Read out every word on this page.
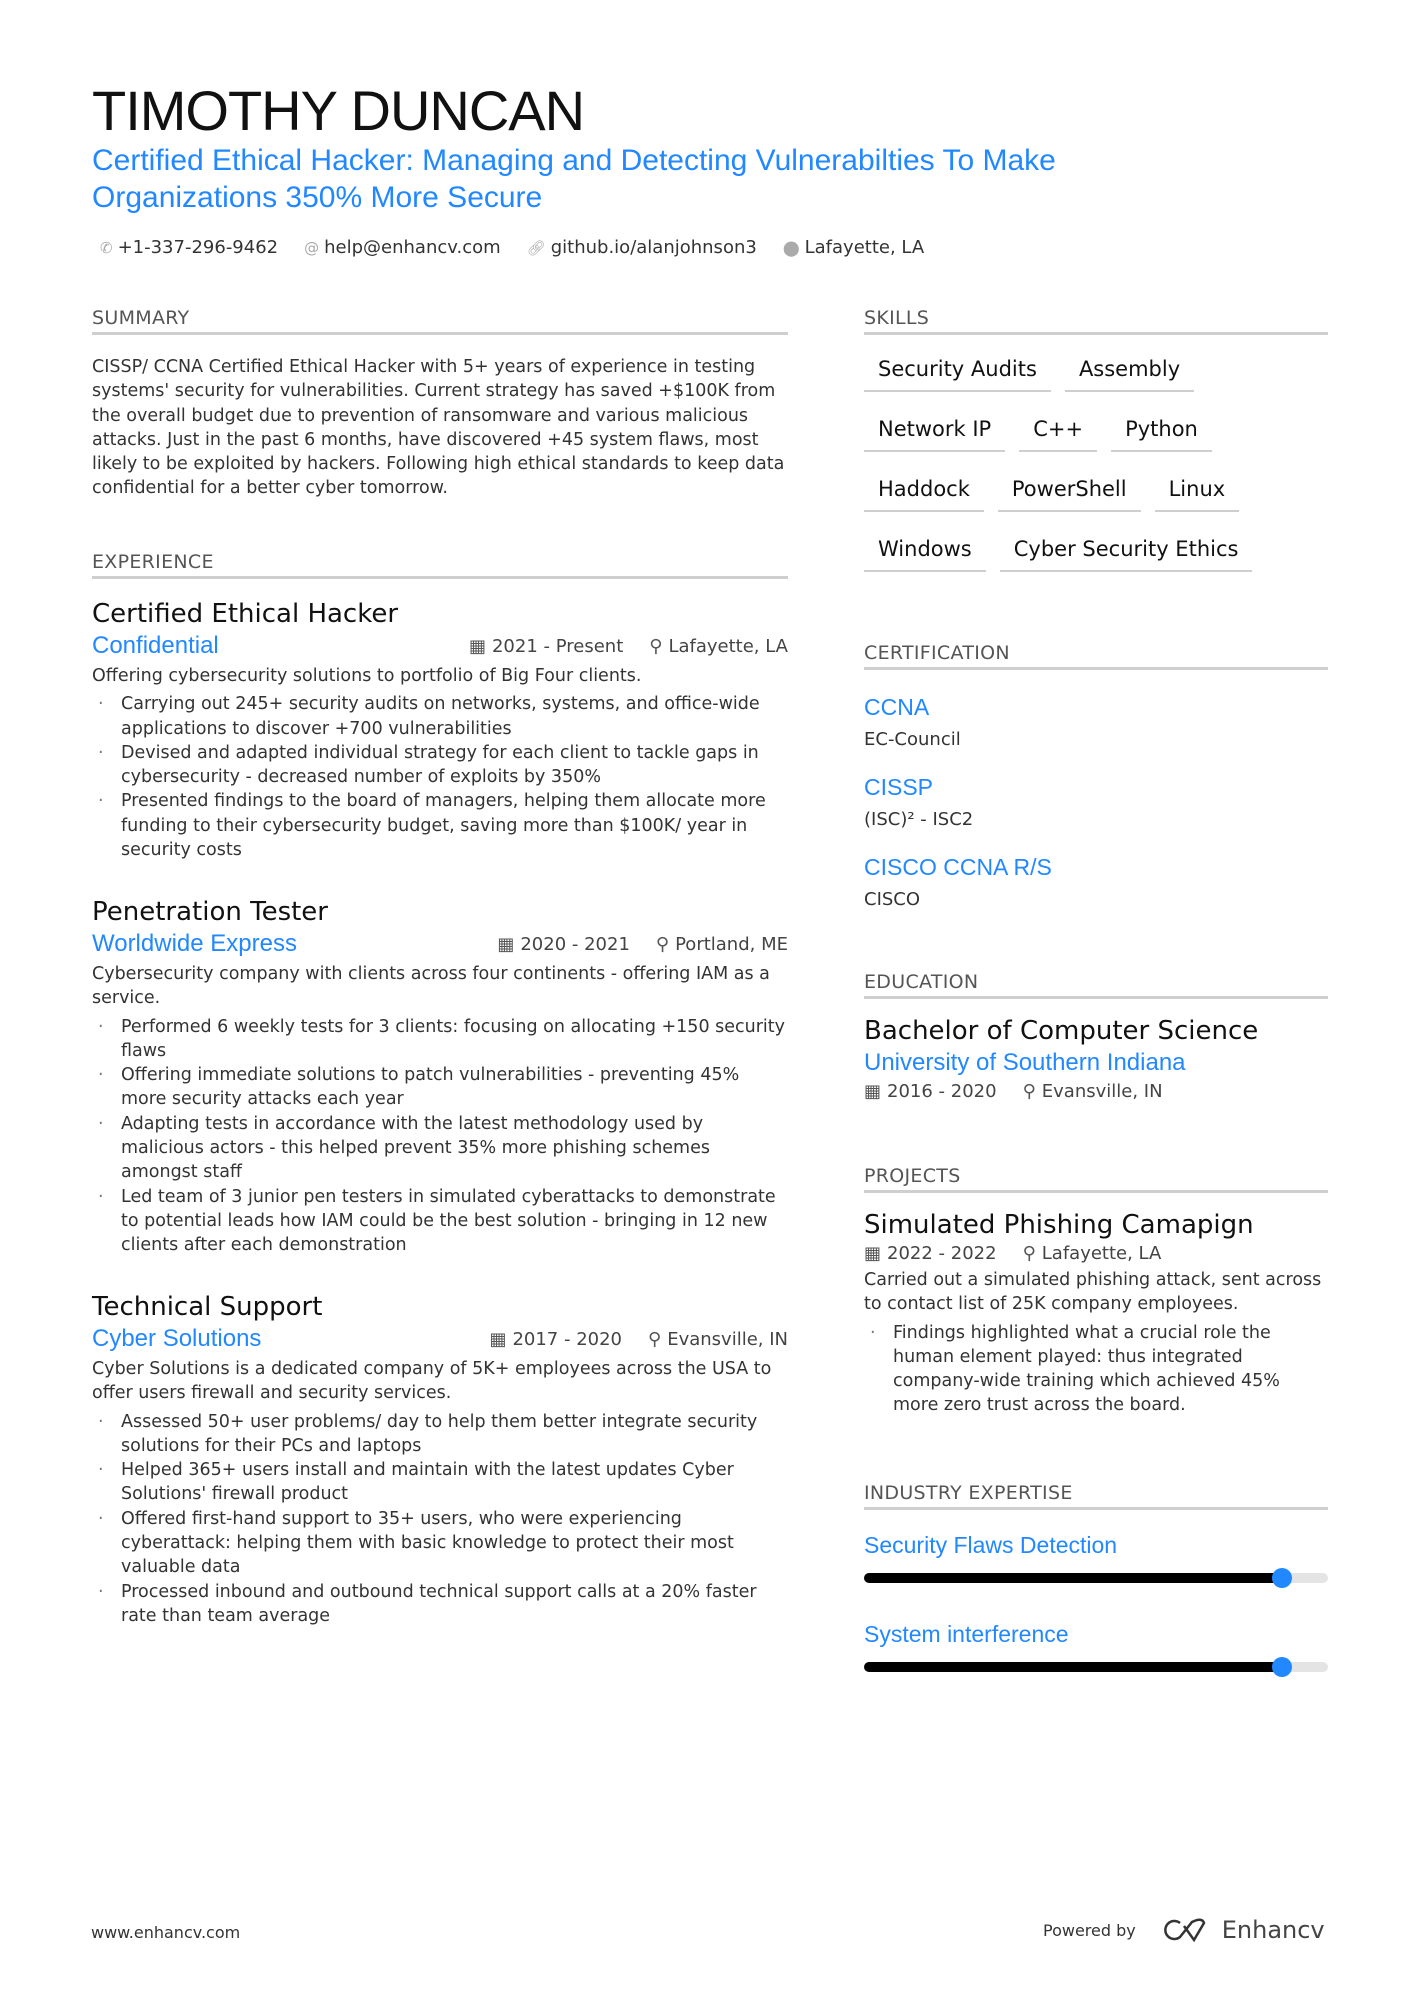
TIMOTHY DUNCAN
Certified Ethical Hacker: Managing and Detecting Vulnerabilties To Make Organizations 350% More Secure
✆ +1-337-296-9462 @ help@enhancv.com 🔗︎ github.io/alanjohnson3 ⬤ Lafayette, LA
SUMMARY
CISSP/ CCNA Certified Ethical Hacker with 5+ years of experience in testing systems' security for vulnerabilities. Current strategy has saved +$100K from the overall budget due to prevention of ransomware and various malicious attacks. Just in the past 6 months, have discovered +45 system flaws, most likely to be exploited by hackers. Following high ethical standards to keep data confidential for a better cyber tomorrow.
EXPERIENCE
Certified Ethical Hacker
Confidential	▦ 2021 - Present ⚲ Lafayette, LA
Offering cybersecurity solutions to portfolio of Big Four clients.
· Carrying out 245+ security audits on networks, systems, and office-wide applications to discover +700 vulnerabilities
· Devised and adapted individual strategy for each client to tackle gaps in cybersecurity - decreased number of exploits by 350%
· Presented findings to the board of managers, helping them allocate more funding to their cybersecurity budget, saving more than $100K/ year in security costs
Penetration Tester
Worldwide Express	▦ 2020 - 2021 ⚲ Portland, ME
Cybersecurity company with clients across four continents - offering IAM as a service.
· Performed 6 weekly tests for 3 clients: focusing on allocating +150 security flaws
· Offering immediate solutions to patch vulnerabilities - preventing 45% more security attacks each year
· Adapting tests in accordance with the latest methodology used by malicious actors - this helped prevent 35% more phishing schemes amongst staff
· Led team of 3 junior pen testers in simulated cyberattacks to demonstrate to potential leads how IAM could be the best solution - bringing in 12 new clients after each demonstration
Technical Support
Cyber Solutions	▦ 2017 - 2020 ⚲ Evansville, IN
Cyber Solutions is a dedicated company of 5K+ employees across the USA to offer users firewall and security services.
· Assessed 50+ user problems/ day to help them better integrate security solutions for their PCs and laptops
· Helped 365+ users install and maintain with the latest updates Cyber Solutions' firewall product
· Offered first-hand support to 35+ users, who were experiencing cyberattack: helping them with basic knowledge to protect their most valuable data
· Processed inbound and outbound technical support calls at a 20% faster rate than team average
SKILLS
Security Audits	Assembly
Network IP	C++	Python
Haddock	PowerShell	Linux
Windows	Cyber Security Ethics
CERTIFICATION
CCNA
EC-Council
CISSP
(ISC)² - ISC2
CISCO CCNA R/S
CISCO
EDUCATION
Bachelor of Computer Science
University of Southern Indiana
▦ 2016 - 2020 ⚲ Evansville, IN
PROJECTS
Simulated Phishing Camapign
▦ 2022 - 2022 ⚲ Lafayette, LA
Carried out a simulated phishing attack, sent across to contact list of 25K company employees.
· Findings highlighted what a crucial role the human element played: thus integrated company-wide training which achieved 45% more zero trust across the board.
INDUSTRY EXPERTISE
Security Flaws Detection
System interference
www.enhancv.com	Powered by	Enhancv
